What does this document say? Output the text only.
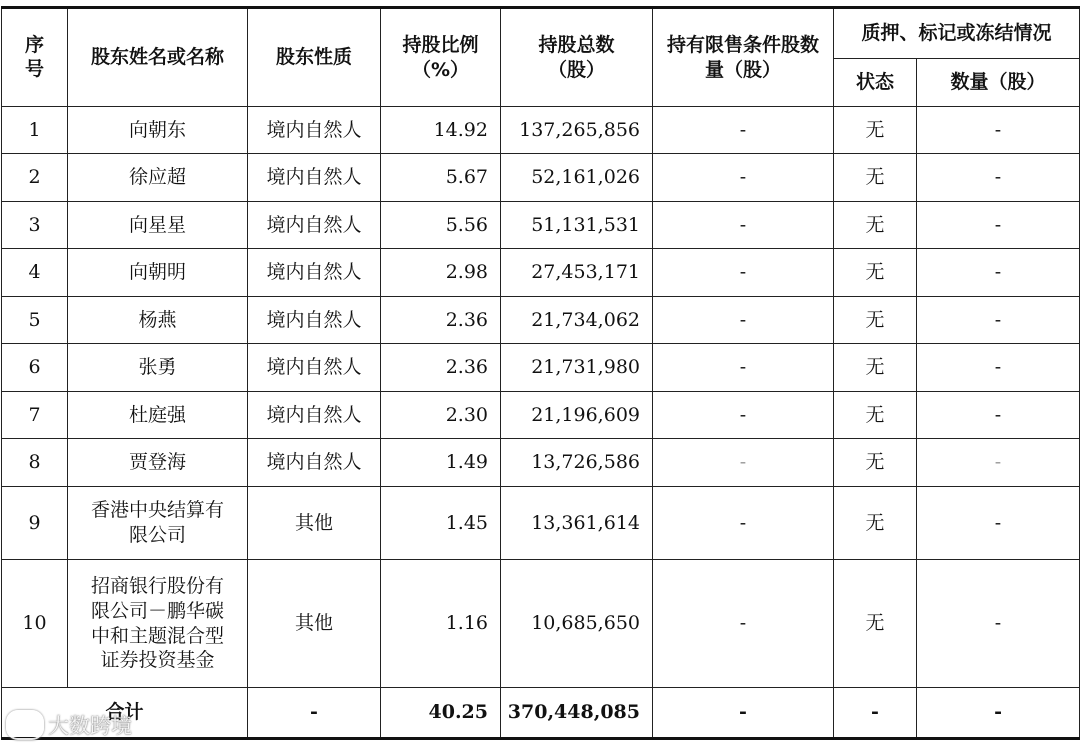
序号	股东姓名或名称	股东性质	持股比例（%）	持股总数（股）	持有限售条件股数量（股）	质押、标记或冻结情况	
						状态	数量（股）
1	向朝东	境内自然人	14.92	137,265,856	-	无	-
2	徐应超	境内自然人	5.67	52,161,026	-	无	-
3	向星星	境内自然人	5.56	51,131,531	-	无	-
4	向朝明	境内自然人	2.98	27,453,171	-	无	-
5	杨燕	境内自然人	2.36	21,734,062	-	无	-
6	张勇	境内自然人	2.36	21,731,980	-	无	-
7	杜庭强	境内自然人	2.30	21,196,609	-	无	-
8	贾登海	境内自然人	1.49	13,726,586	-	无	-
9	香港中央结算有限公司	其他	1.45	13,361,614	-	无	-
10	招商银行股份有限公司－鹏华碳中和主题混合型证券投资基金	其他	1.16	10,685,650	-	无	-
合计		-	40.25	370,448,085	-	-	-
大数跨境
